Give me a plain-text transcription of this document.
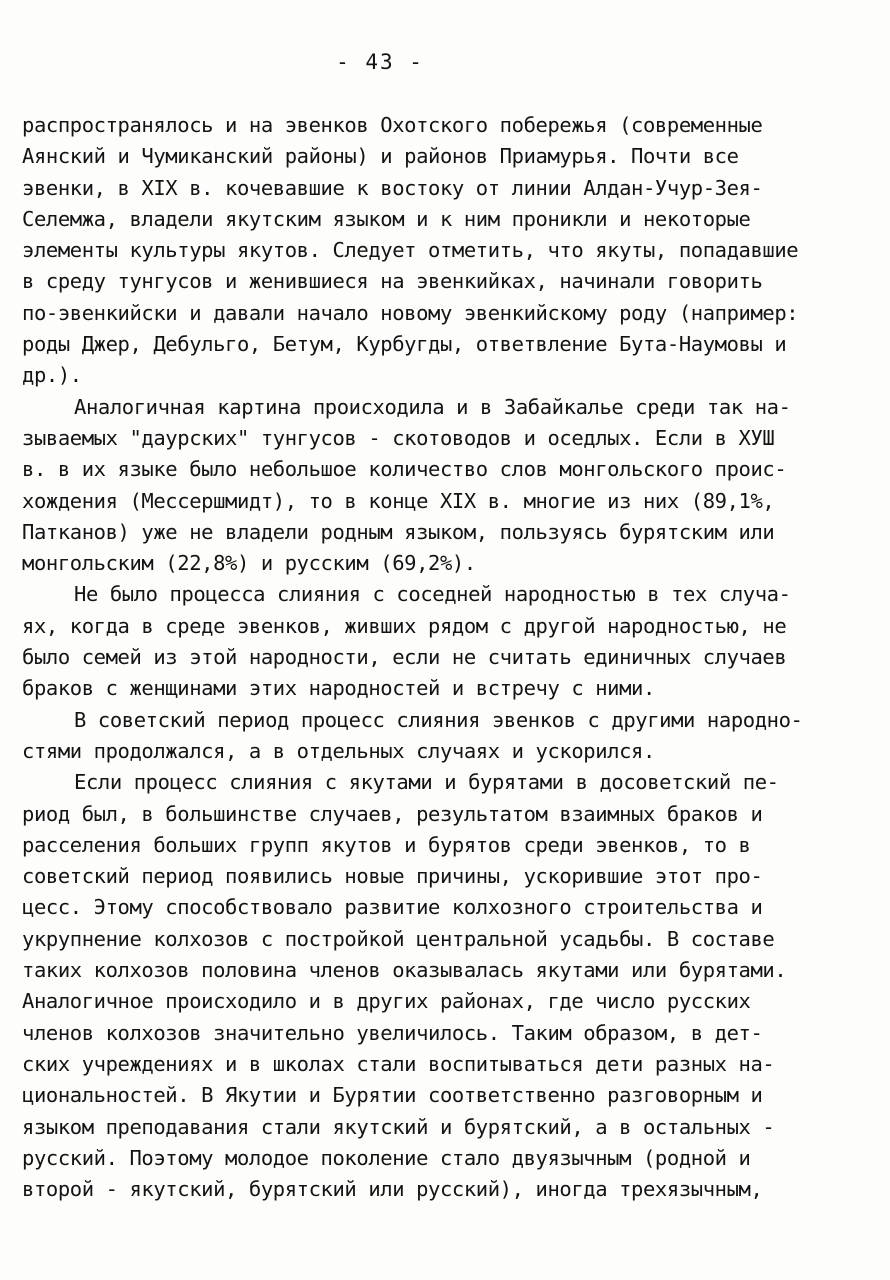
- 43 -
распространялось и на эвенков Охотского побережья (современные
Аянский и Чумиканский районы) и районов Приамурья. Почти все
эвенки, в XIX в. кочевавшие к востоку от линии Алдан-Учур-Зея-
Селемжа, владели якутским языком и к ним проникли и некоторые
элементы культуры якутов. Следует отметить, что якуты, попадавшие
в среду тунгусов и женившиеся на эвенкийках, начинали говорить
по-эвенкийски и давали начало новому эвенкийскому роду (например:
роды Джер, Дебульго, Бетум, Курбугды, ответвление Бута-Наумовы и
др.).
Аналогичная картина происходила и в Забайкалье среди так на-
зываемых "даурских" тунгусов - скотоводов и оседлых. Если в ХУШ
в. в их языке было небольшое количество слов монгольского проис-
хождения (Мессершмидт), то в конце XIX в. многие из них (89,1%,
Патканов) уже не владели родным языком, пользуясь бурятским или
монгольским (22,8%) и русским (69,2%).
Не было процесса слияния с соседней народностью в тех случа-
ях, когда в среде эвенков, живших рядом с другой народностью, не
было семей из этой народности, если не считать единичных случаев
браков с женщинами этих народностей и встречу с ними.
В советский период процесс слияния эвенков с другими народно-
стями продолжался, а в отдельных случаях и ускорился.
Если процесс слияния с якутами и бурятами в досоветский пе-
риод был, в большинстве случаев, результатом взаимных браков и
расселения больших групп якутов и бурятов среди эвенков, то в
советский период появились новые причины, ускорившие этот про-
цесс. Этому способствовало развитие колхозного строительства и
укрупнение колхозов с постройкой центральной усадьбы. В составе
таких колхозов половина членов оказывалась якутами или бурятами.
Аналогичное происходило и в других районах, где число русских
членов колхозов значительно увеличилось. Таким образом, в дет-
ских учреждениях и в школах стали воспитываться дети разных на-
циональностей. В Якутии и Бурятии соответственно разговорным и
языком преподавания стали якутский и бурятский, а в остальных -
русский. Поэтому молодое поколение стало двуязычным (родной и
второй - якутский, бурятский или русский), иногда трехязычным,
